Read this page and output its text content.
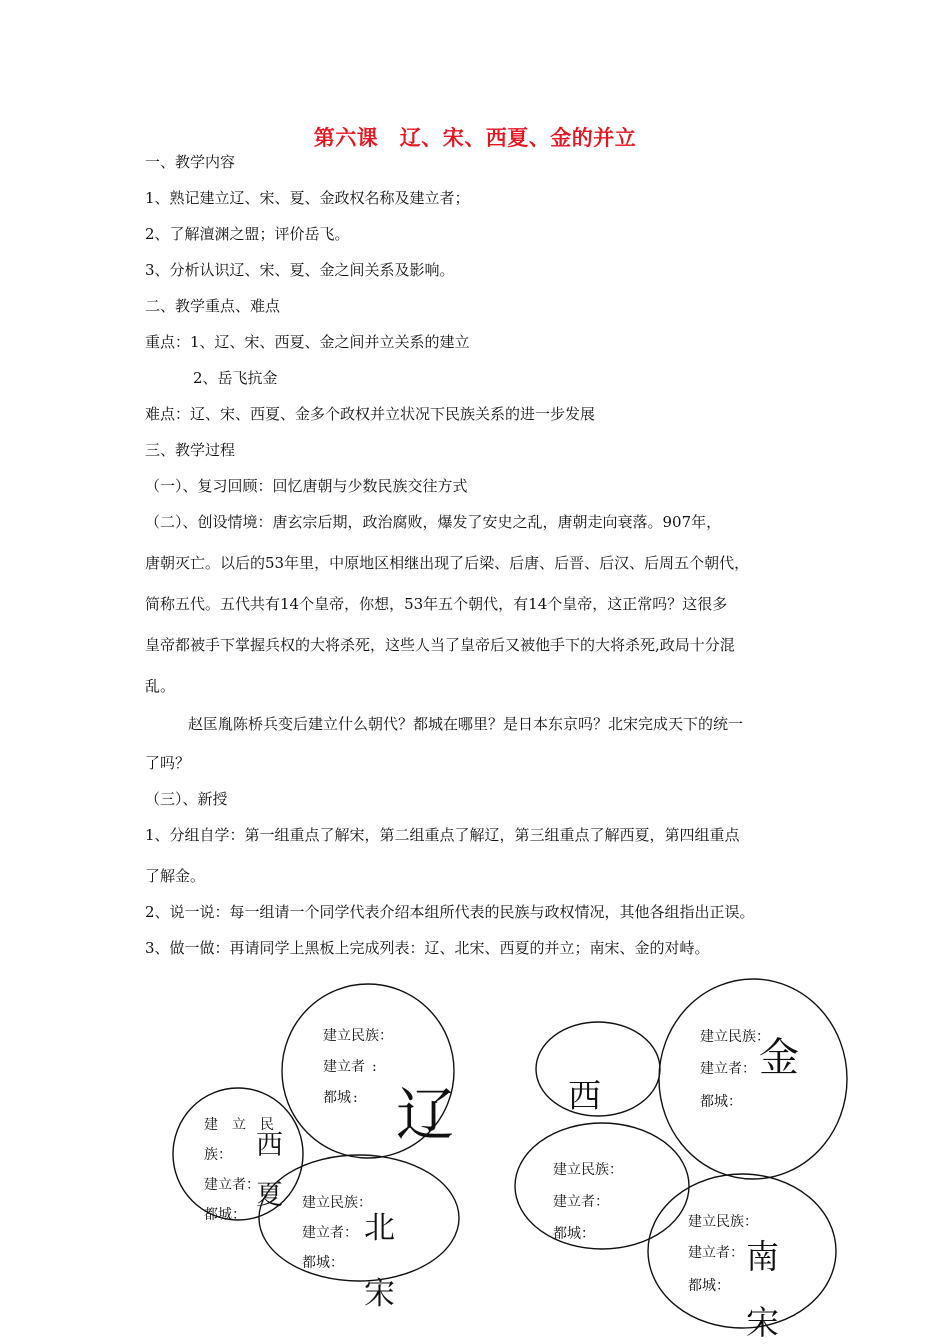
第六课　辽、宋、西夏、金的并立
一、教学内容
1、熟记建立辽、宋、夏、金政权名称及建立者；
2、了解澶渊之盟；评价岳飞。
3、分析认识辽、宋、夏、金之间关系及影响。
二、教学重点、难点
重点：1、辽、宋、西夏、金之间并立关系的建立
2、岳飞抗金
难点：辽、宋、西夏、金多个政权并立状况下民族关系的进一步发展
三、教学过程
（一）、复习回顾：回忆唐朝与少数民族交往方式
（二）、创设情境：唐玄宗后期，政治腐败，爆发了安史之乱，唐朝走向衰落。907年，
唐朝灭亡。以后的53年里，中原地区相继出现了后梁、后唐、后晋、后汉、后周五个朝代，
简称五代。五代共有14个皇帝，你想，53年五个朝代，有14个皇帝，这正常吗？这很多
皇帝都被手下掌握兵权的大将杀死，这些人当了皇帝后又被他手下的大将杀死,政局十分混
乱。
赵匡胤陈桥兵变后建立什么朝代？都城在哪里？是日本东京吗？北宋完成天下的统一
了吗？
（三）、新授
1、分组自学：第一组重点了解宋，第二组重点了解辽，第三组重点了解西夏，第四组重点
了解金。
2、说一说：每一组请一个同学代表介绍本组所代表的民族与政权情况，其他各组指出正误。
3、做一做：再请同学上黑板上完成列表：辽、北宋、西夏的并立；南宋、金的对峙。
建立民族：
建立者 :
都城 : 辽
建　立　民
族：
建立者：
都城：
西
夏 建立民族：
建立者：
都城：
北
宋
西
建立民族：
建立者：
都城：
金
建立民族：
建立者：
都城：
建立民族：
建立者：
都城：
南
宋
